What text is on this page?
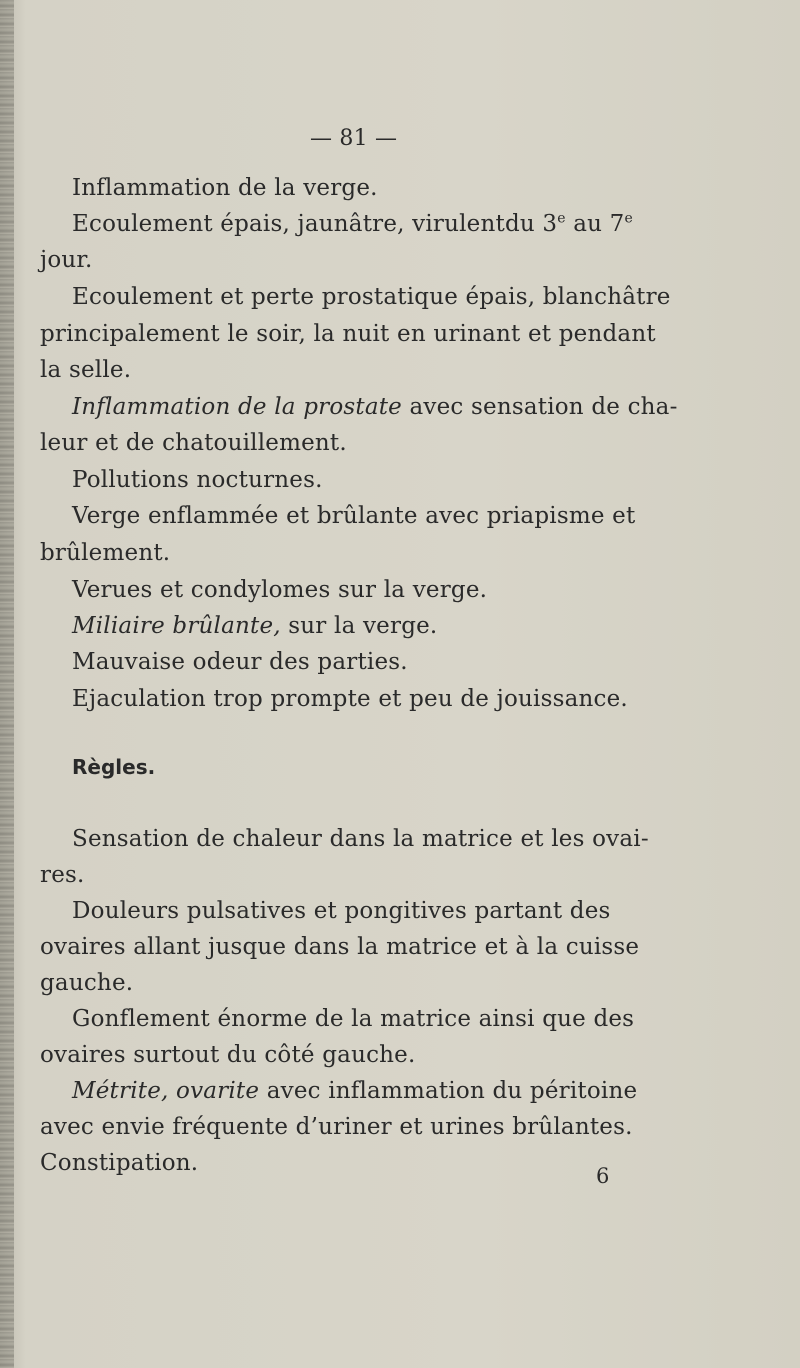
— 81 —
Inflammation de la verge.
Ecoulement épais, jaunâtre, virulentdu 3e au 7e
jour.
Ecoulement et perte prostatique épais, blanchâtre
principalement le soir, la nuit en urinant et pendant
la selle.
Inflammation de la prostate avec sensation de cha-
leur et de chatouillement.
Pollutions nocturnes.
Verge enflammée et brûlante avec priapisme et
brûlement.
Verues et condylomes sur la verge.
Miliaire brûlante, sur la verge.
Mauvaise odeur des parties.
Ejaculation trop prompte et peu de jouissance.
Règles.
Sensation de chaleur dans la matrice et les ovai-
res.
Douleurs pulsatives et pongitives partant des
ovaires allant jusque dans la matrice et à la cuisse
gauche.
Gonflement énorme de la matrice ainsi que des
ovaires surtout du côté gauche.
Métrite, ovarite avec inflammation du péritoine
avec envie fréquente d’uriner et urines brûlantes.
Constipation.	6
